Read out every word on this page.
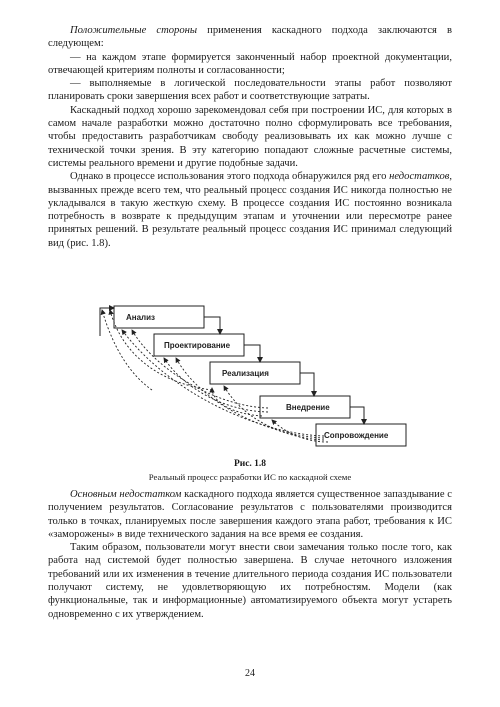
Положительные стороны применения каскадного подхода заключаются в следующем:

— на каждом этапе формируется законченный набор проектной документации, отвечающей критериям полноты и согласованности;

— выполняемые в логической последовательности этапы работ позволяют планировать сроки завершения всех работ и соответствующие затраты.

Каскадный подход хорошо зарекомендовал себя при построении ИС, для которых в самом начале разработки можно достаточно полно сформулировать все требования, чтобы предоставить разработчикам свободу реализовывать их как можно лучше с технической точки зрения. В эту категорию попадают сложные расчетные системы, системы реального времени и другие подобные задачи.

Однако в процессе использования этого подхода обнаружился ряд его недостатков, вызванных прежде всего тем, что реальный процесс создания ИС никогда полностью не укладывался в такую жесткую схему. В процессе создания ИС постоянно возникала потребность в возврате к предыдущим этапам и уточнении или пересмотре ранее принятых решений. В результате реальный процесс создания ИС принимал следующий вид (рис. 1.8).

Анализ
Проектирование
Реализация
Внедрение
Сопровождение
Рис. 1.8
Реальный процесс разработки ИС по каскадной схеме

Основным недостатком каскадного подхода является существенное запаздывание с получением результатов. Согласование результатов с пользователями производится только в точках, планируемых после завершения каждого этапа работ, требования к ИС «заморожены» в виде технического задания на все время ее создания.

Таким образом, пользователи могут внести свои замечания только после того, как работа над системой будет полностью завершена. В случае неточного изложения требований или их изменения в течение длительного периода создания ИС пользователи получают систему, не удовлетворяющую их потребностям. Модели (как функциональные, так и информационные) автоматизируемого объекта могут устареть одновременно с их утверждением.

24
